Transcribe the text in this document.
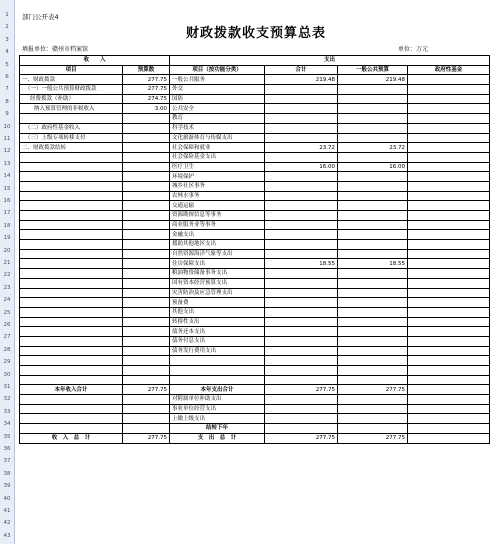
1
2
3
4
5
6
7
8
9
10
11
12
13
14
15
16
17
18
19
20
21
22
23
24
25
26
27
28
29
30
31
32
33
34
35
36
37
38
39
40
41
42
43
部门公开表4
财政拨款收支预算总表
填报单位：赣州市档案馆	单位：万元
收　　入		支出			
项目	预算数	项目（按功能分类）	合计	一般公共预算	政府性基金
一、财政拨款	277.75	一般公共服务	219.48	219.48	
（一）一般公共预算财政拨款	277.75	外交			
经费拨款（补助）	274.75	国防			
纳入预算管理的非税收入	3.00	公共安全			
		教育			
（二）政府性基金收入		科学技术			
（三）上级专项转移支付		文化旅游体育与传媒支出			
二、财政拨款结转		社会保障和就业	23.72	23.72	
		社会保险基金支出			
		医疗卫生	16.00	16.00	
		环境保护			
		城乡社区事务			
		农林水事务			
		交通运输			
		资源勘探信息等事务			
		商业服务业等事务			
		金融支出			
		援助其他地区支出			
		自然资源海洋气象等支出			
		住房保障支出	18.55	18.55	
		粮油物资储备事务支出			
		国有资本经营预算支出			
		灾害防治及应急管理支出			
		预备费			
		其他支出			
		转移性支出			
		债务还本支出			
		债务付息支出			
		债务发行费用支出			

本年收入合计	277.75	本年支出合计	277.75	277.75	
		对附属单位补助支出			
		事业单位经营支出			
		上缴上级支出			
		结转下年			
收　入　总　计	277.75	支　出　总　计	277.75	277.75	
